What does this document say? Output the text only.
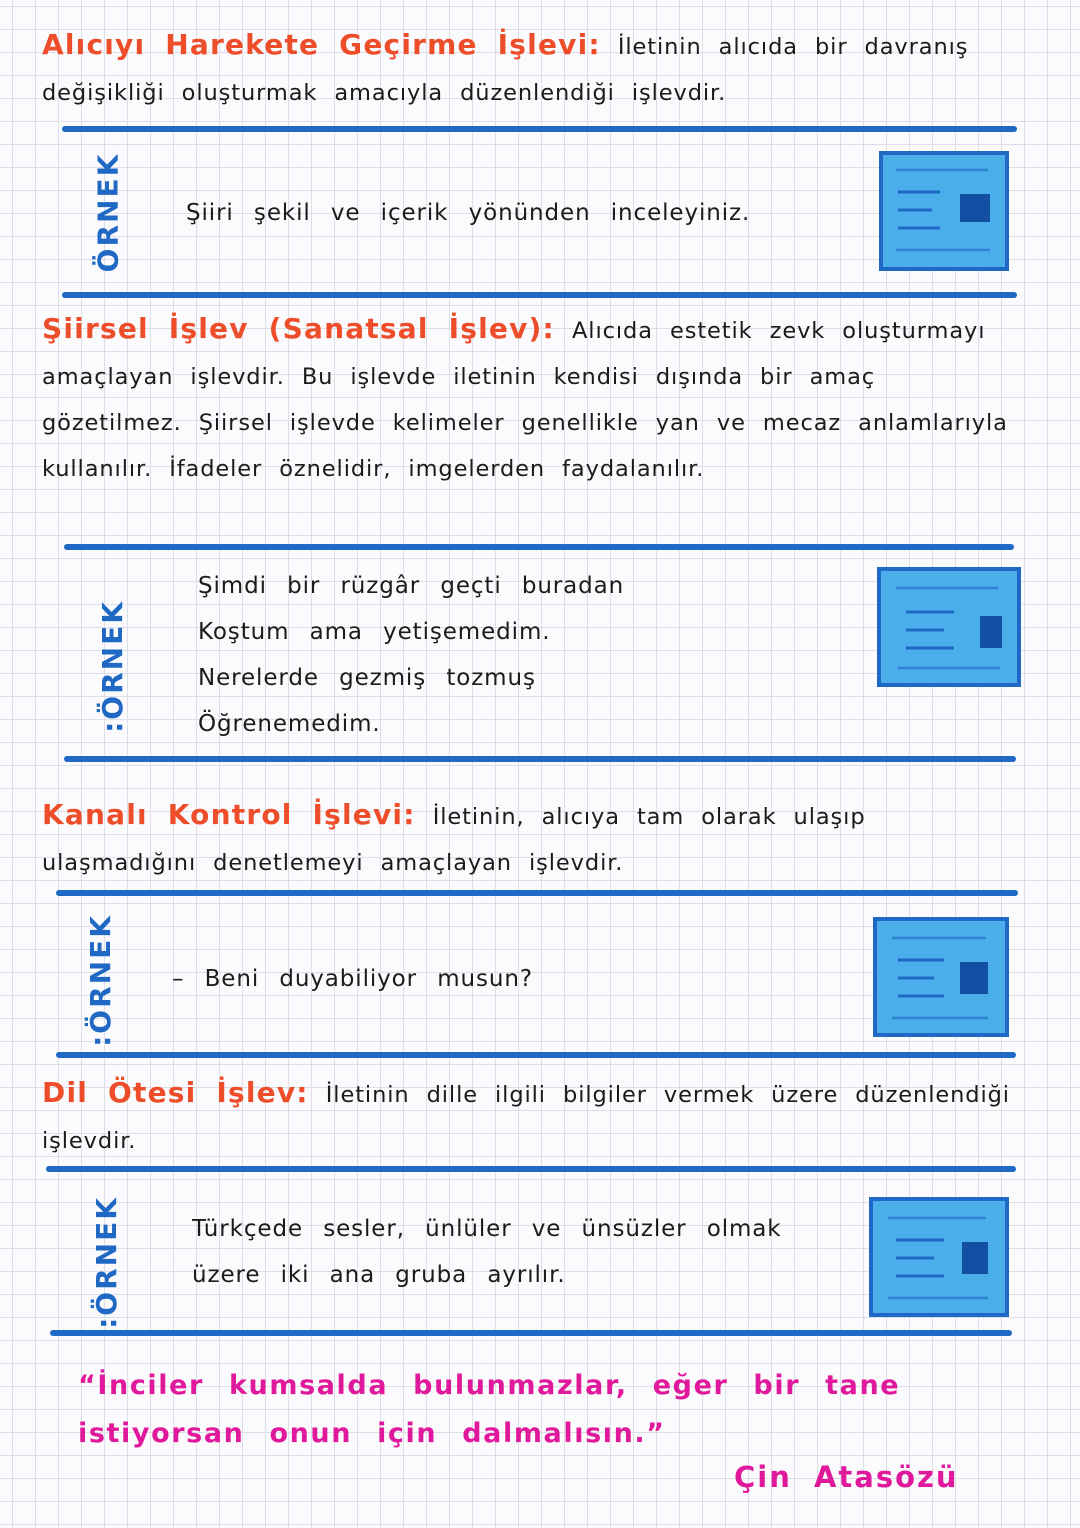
Alıcıyı Harekete Geçirme İşlevi: İletinin alıcıda bir davranış değişikliği oluşturmak amacıyla düzenlendiği işlevdir.

ÖRNEK	Şiiri şekil ve içerik yönünden inceleyiniz.

Şiirsel İşlev (Sanatsal İşlev): Alıcıda estetik zevk oluşturmayı amaçlayan işlevdir. Bu işlevde iletinin kendisi dışında bir amaç gözetilmez. Şiirsel işlevde kelimeler genellikle yan ve mecaz anlamlarıyla kullanılır. İfadeler öznelidir, imgelerden faydalanılır.

:ÖRNEK

Şimdi bir rüzgâr geçti buradan

Koştum ama yetişemedim.

Nerelerde gezmiş tozmuş

Öğrenemedim.

Kanalı Kontrol İşlevi: İletinin, alıcıya tam olarak ulaşıp ulaşmadığını denetlemeyi amaçlayan işlevdir.

:ÖRNEK – Beni duyabiliyor musun?

Dil Ötesi İşlev: İletinin dille ilgili bilgiler vermek üzere düzenlendiği işlevdir.

:ÖRNEK	Türkçede sesler, ünlüler ve ünsüzler olmak

üzere iki ana gruba ayrılır.

“İnciler kumsalda bulunmazlar, eğer bir tane istiyorsan onun için dalmalısın.”

Çin Atasözü
